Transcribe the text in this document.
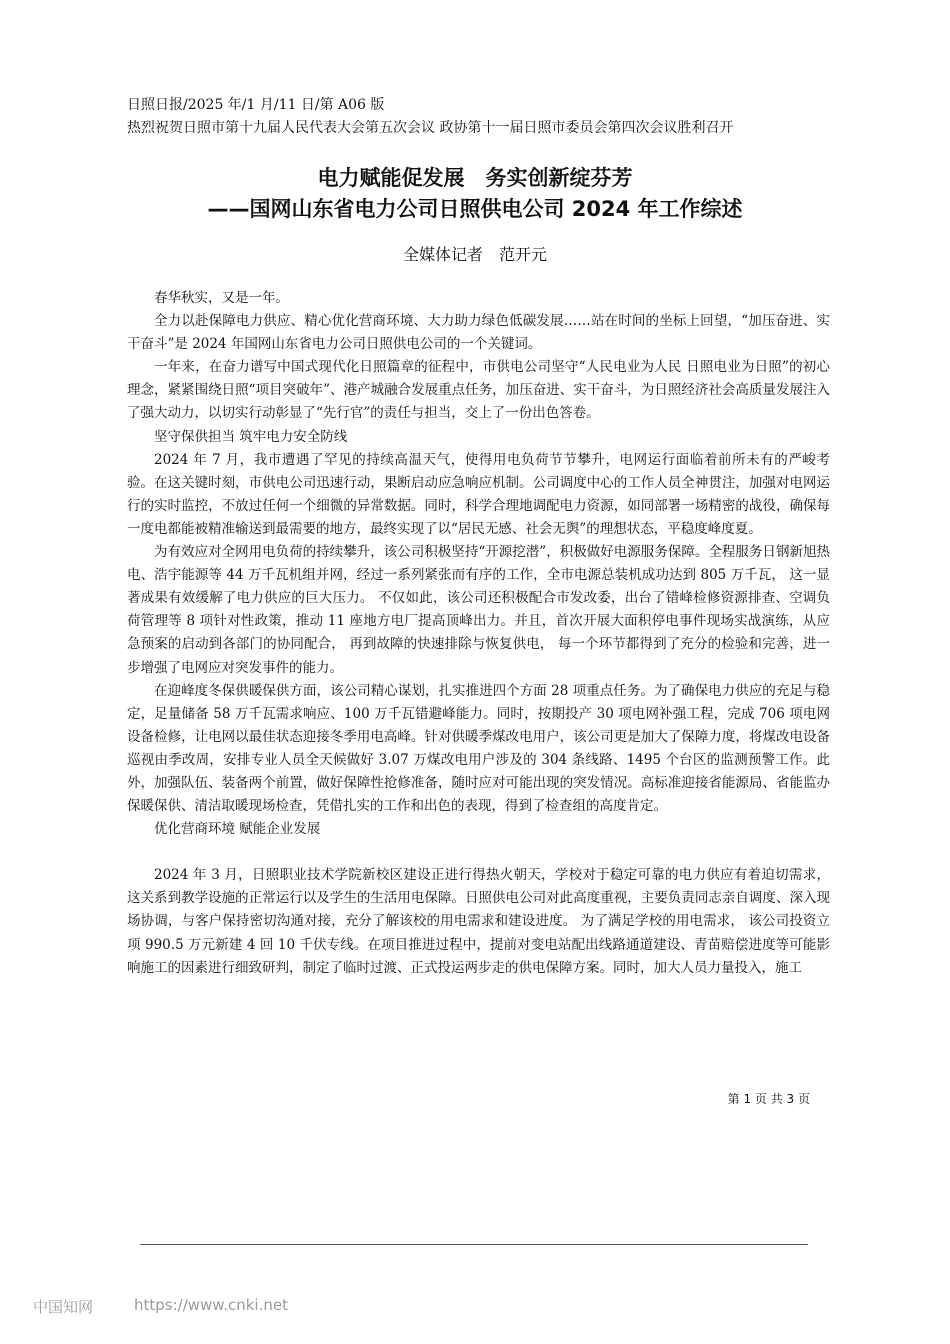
日照日报/2025 年/1 月/11 日/第 A06 版
热烈祝贺日照市第十九届人民代表大会第五次会议 政协第十一届日照市委员会第四次会议胜利召开
电力赋能促发展　务实创新绽芬芳
——国网山东省电力公司日照供电公司 2024 年工作综述
全媒体记者　范开元

春华秋实，又是一年。

全力以赴保障电力供应、精心优化营商环境、大力助力绿色低碳发展……站在时间的坐标上回望，“加压奋进、实干奋斗”是 2024 年国网山东省电力公司日照供电公司的一个关键词。

一年来，在奋力谱写中国式现代化日照篇章的征程中，市供电公司坚守“人民电业为人民 日照电业为日照”的初心理念，紧紧围绕日照“项目突破年”、港产城融合发展重点任务，加压奋进、实干奋斗，为日照经济社会高质量发展注入了强大动力，以切实行动彰显了“先行官”的责任与担当，交上了一份出色答卷。

坚守保供担当 筑牢电力安全防线

2024 年 7 月，我市遭遇了罕见的持续高温天气，使得用电负荷节节攀升，电网运行面临着前所未有的严峻考验。在这关键时刻，市供电公司迅速行动，果断启动应急响应机制。公司调度中心的工作人员全神贯注，加强对电网运行的实时监控，不放过任何一个细微的异常数据。同时，科学合理地调配电力资源，如同部署一场精密的战役，确保每一度电都能被精准输送到最需要的地方，最终实现了以“居民无感、社会无舆”的理想状态，平稳度峰度夏。

为有效应对全网用电负荷的持续攀升，该公司积极坚持“开源挖潜”，积极做好电源服务保障。全程服务日钢新旭热电、浩宇能源等 44 万千瓦机组并网，经过一系列紧张而有序的工作，全市电源总装机成功达到 805 万千瓦， 这一显著成果有效缓解了电力供应的巨大压力。 不仅如此，该公司还积极配合市发改委，出台了错峰检修资源排查、空调负荷管理等 8 项针对性政策，推动 11 座地方电厂提高顶峰出力。并且，首次开展大面积停电事件现场实战演练，从应急预案的启动到各部门的协同配合， 再到故障的快速排除与恢复供电， 每一个环节都得到了充分的检验和完善，进一步增强了电网应对突发事件的能力。

在迎峰度冬保供暖保供方面，该公司精心谋划，扎实推进四个方面 28 项重点任务。为了确保电力供应的充足与稳定，足量储备 58 万千瓦需求响应、100 万千瓦错避峰能力。同时，按期投产 30 项电网补强工程，完成 706 项电网设备检修，让电网以最佳状态迎接冬季用电高峰。针对供暖季煤改电用户，该公司更是加大了保障力度，将煤改电设备巡视由季改周，安排专业人员全天候做好 3.07 万煤改电用户涉及的 304 条线路、1495 个台区的监测预警工作。此外，加强队伍、装备两个前置，做好保障性抢修准备，随时应对可能出现的突发情况。高标准迎接省能源局、省能监办保暖保供、清洁取暖现场检查，凭借扎实的工作和出色的表现，得到了检查组的高度肯定。

优化营商环境 赋能企业发展

2024 年 3 月，日照职业技术学院新校区建设正进行得热火朝天，学校对于稳定可靠的电力供应有着迫切需求，这关系到教学设施的正常运行以及学生的生活用电保障。日照供电公司对此高度重视，主要负责同志亲自调度、深入现场协调，与客户保持密切沟通对接，充分了解该校的用电需求和建设进度。 为了满足学校的用电需求， 该公司投资立项 990.5 万元新建 4 回 10 千伏专线。在项目推进过程中，提前对变电站配出线路通道建设、青苗赔偿进度等可能影响施工的因素进行细致研判，制定了临时过渡、正式投运两步走的供电保障方案。同时，加大人员力量投入，施工

第 1 页 共 3 页
中国知网	https://www.cnki.net
